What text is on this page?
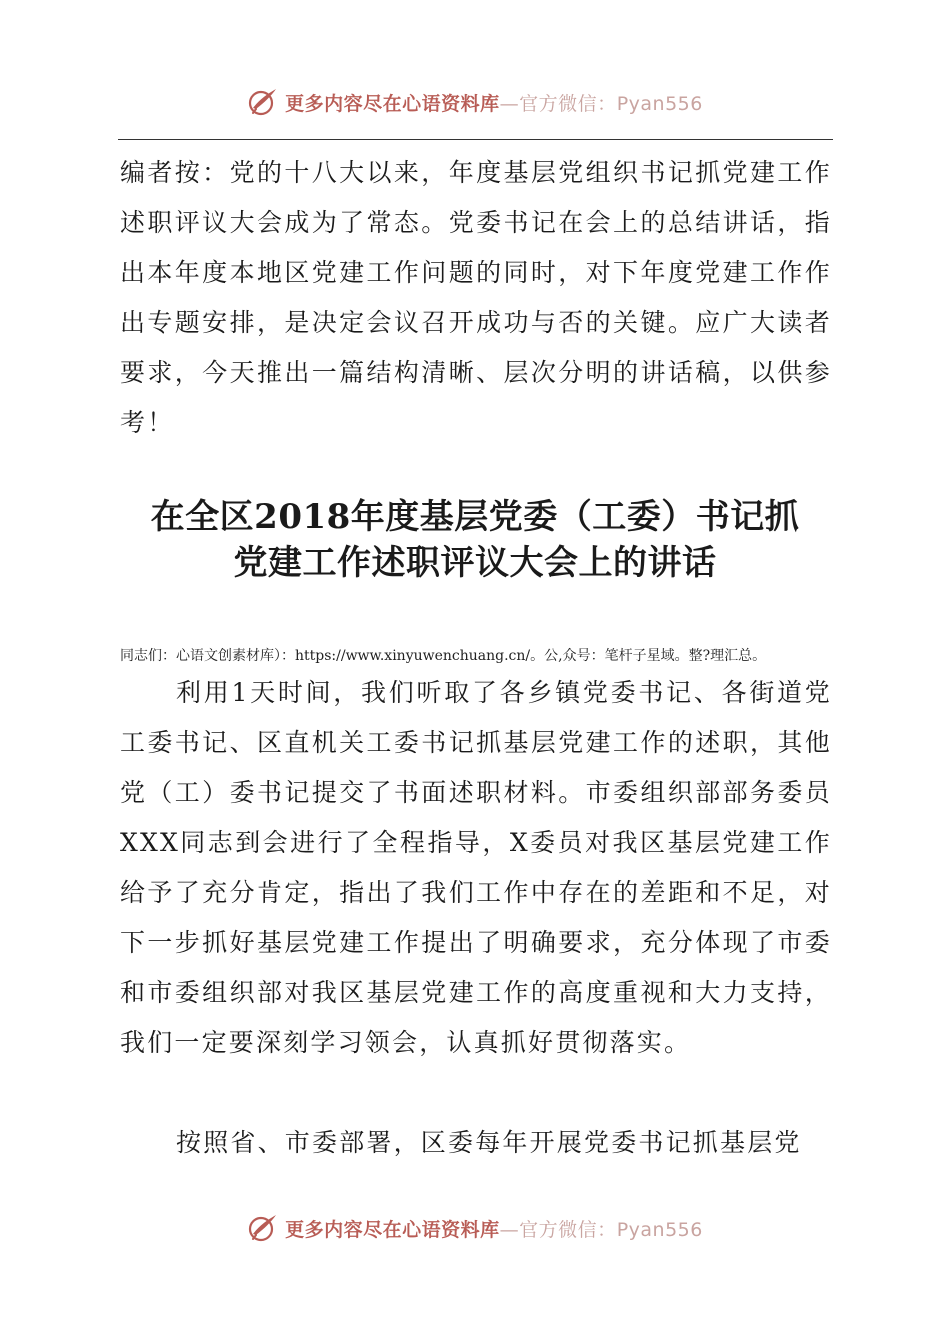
更多内容尽在心语资料库—官方微信：Pyan556

编者按：党的十八大以来，年度基层党组织书记抓党建工作述职评议大会成为了常态。党委书记在会上的总结讲话，指出本年度本地区党建工作问题的同时，对下年度党建工作作出专题安排，是决定会议召开成功与否的关键。应广大读者要求，今天推出一篇结构清晰、层次分明的讲话稿，以供参考！

在全区2018年度基层党委（工委）书记抓
党建工作述职评议大会上的讲话
同志们：心语文创素材库）：https://www.xinyuwenchuang.cn/。公,众号：笔杆子星域。整?理汇总。

利用1天时间，我们听取了各乡镇党委书记、各街道党工委书记、区直机关工委书记抓基层党建工作的述职，其他党（工）委书记提交了书面述职材料。市委组织部部务委员XXX同志到会进行了全程指导，X委员对我区基层党建工作给予了充分肯定，指出了我们工作中存在的差距和不足，对下一步抓好基层党建工作提出了明确要求，充分体现了市委和市委组织部对我区基层党建工作的高度重视和大力支持，我们一定要深刻学习领会，认真抓好贯彻落实。

按照省、市委部署，区委每年开展党委书记抓基层党

更多内容尽在心语资料库—官方微信：Pyan556
